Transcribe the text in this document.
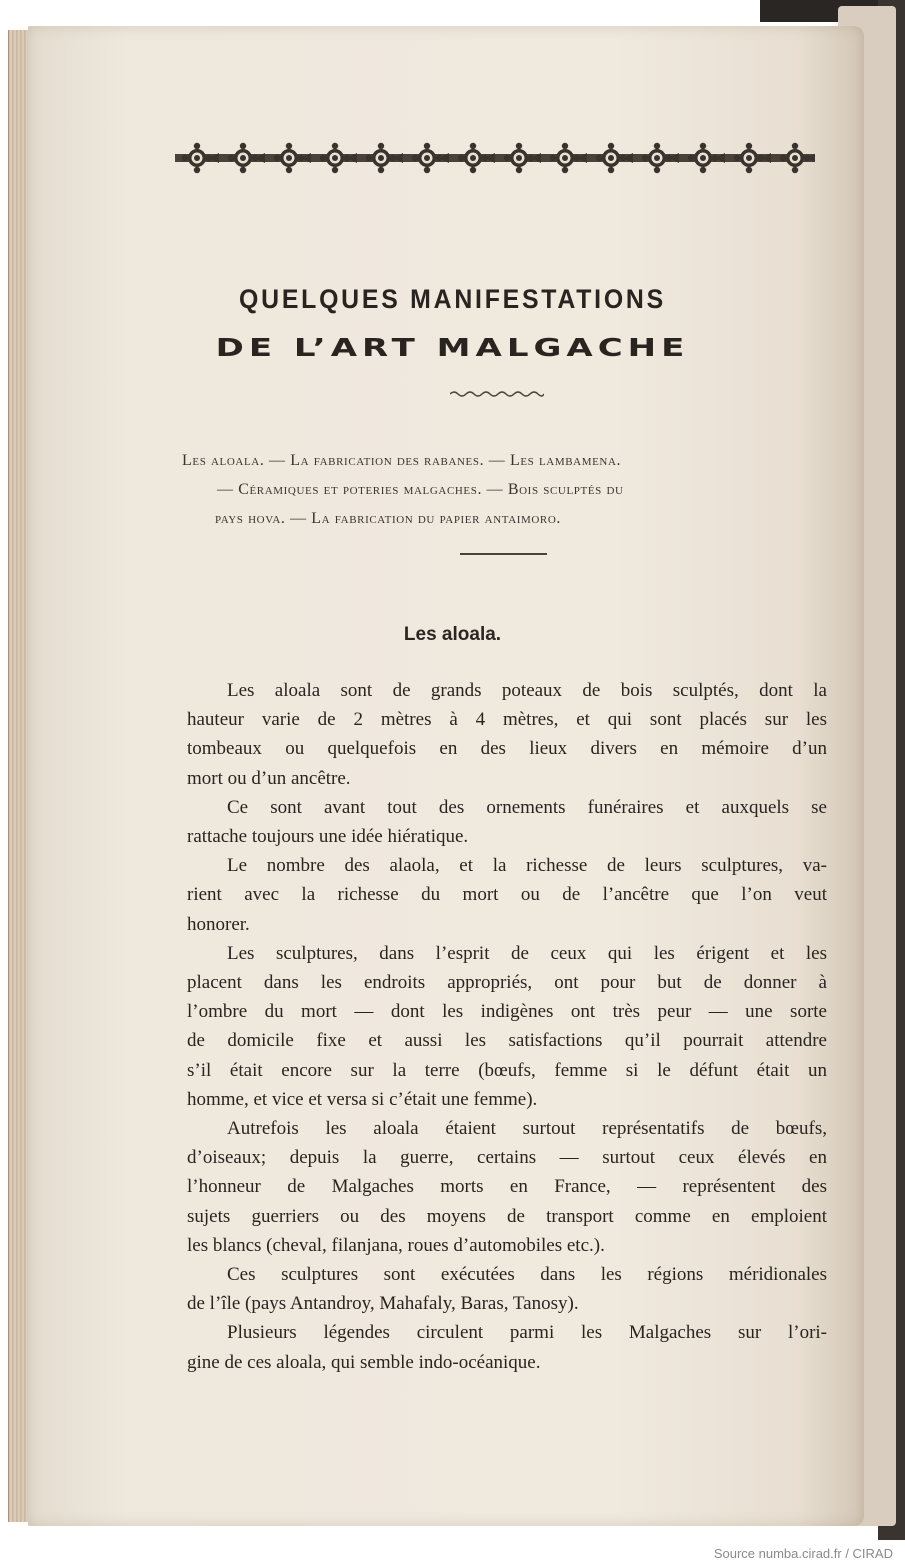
QUELQUES MANIFESTATIONS
DE L’ART MALGACHE
Les aloala. — La fabrication des rabanes. — Les lambamena.
— Céramiques et poteries malgaches. — Bois sculptés du
pays hova. — La fabrication du papier antaimoro.
Les aloala.
Les aloala sont de grands poteaux de bois sculptés, dont la
hauteur varie de 2 mètres à 4 mètres, et qui sont placés sur les
tombeaux ou quelquefois en des lieux divers en mémoire d’un
mort ou d’un ancêtre.
Ce sont avant tout des ornements funéraires et auxquels se
rattache toujours une idée hiératique.
Le nombre des alaola, et la richesse de leurs sculptures, va-
rient avec la richesse du mort ou de l’ancêtre que l’on veut
honorer.
Les sculptures, dans l’esprit de ceux qui les érigent et les
placent dans les endroits appropriés, ont pour but de donner à
l’ombre du mort — dont les indigènes ont très peur — une sorte
de domicile fixe et aussi les satisfactions qu’il pourrait attendre
s’il était encore sur la terre (bœufs, femme si le défunt était un
homme, et vice et versa si c’était une femme).
Autrefois les aloala étaient surtout représentatifs de bœufs,
d’oiseaux; depuis la guerre, certains — surtout ceux élevés en
l’honneur de Malgaches morts en France, — représentent des
sujets guerriers ou des moyens de transport comme en emploient
les blancs (cheval, filanjana, roues d’automobiles etc.).
Ces sculptures sont exécutées dans les régions méridionales
de l’île (pays Antandroy, Mahafaly, Baras, Tanosy).
Plusieurs légendes circulent parmi les Malgaches sur l’ori-
gine de ces aloala, qui semble indo-océanique.
Source numba.cirad.fr / CIRAD
